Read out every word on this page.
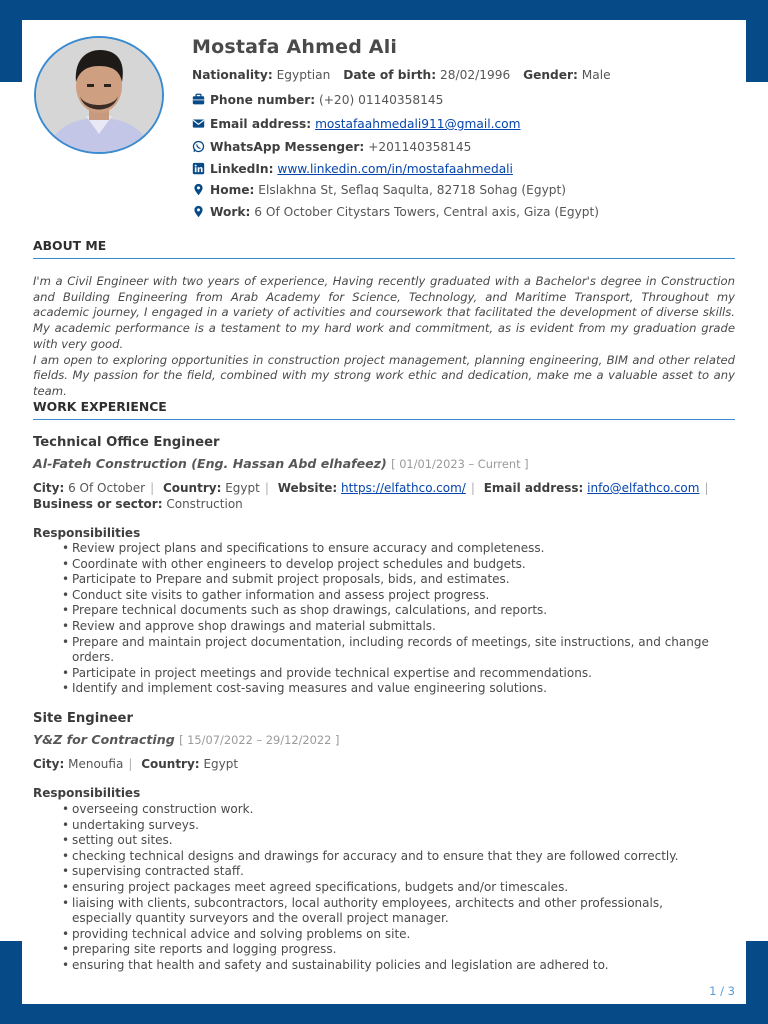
Mostafa Ahmed Ali
Nationality: Egyptian Date of birth: 28/02/1996 Gender: Male
Phone number: (+20) 01140358145
Email address: mostafaahmedali911@gmail.com
WhatsApp Messenger: +201140358145
LinkedIn: www.linkedin.com/in/mostafaahmedali
Home: Elslakhna St, Seflaq Saqulta, 82718 Sohag (Egypt)
Work: 6 Of October Citystars Towers, Central axis, Giza (Egypt)
ABOUT ME

I'm a Civil Engineer with two years of experience, Having recently graduated with a Bachelor's degree in Construction and Building Engineering from Arab Academy for Science, Technology, and Maritime Transport, Throughout my academic journey, I engaged in a variety of activities and coursework that facilitated the development of diverse skills. My academic performance is a testament to my hard work and commitment, as is evident from my graduation grade with very good.

I am open to exploring opportunities in construction project management, planning engineering, BIM and other related fields. My passion for the field, combined with my strong work ethic and dedication, make me a valuable asset to any team.

WORK EXPERIENCE
Technical Office Engineer
Al-Fateh Construction (Eng. Hassan Abd elhafeez) [ 01/01/2023 – Current ]
City: 6 Of October | Country: Egypt | Website: https://elfathco.com/ | Email address: info@elfathco.com | Business or sector: Construction
Responsibilities
• Review project plans and specifications to ensure accuracy and completeness.
• Coordinate with other engineers to develop project schedules and budgets.
• Participate to Prepare and submit project proposals, bids, and estimates.
• Conduct site visits to gather information and assess project progress.
• Prepare technical documents such as shop drawings, calculations, and reports.
• Review and approve shop drawings and material submittals.
• Prepare and maintain project documentation, including records of meetings, site instructions, and change orders.
• Participate in project meetings and provide technical expertise and recommendations.
• Identify and implement cost-saving measures and value engineering solutions.
Site Engineer
Y&Z for Contracting [ 15/07/2022 – 29/12/2022 ]
City: Menoufia | Country: Egypt
Responsibilities
• overseeing construction work.
• undertaking surveys.
• setting out sites.
• checking technical designs and drawings for accuracy and to ensure that they are followed correctly.
• supervising contracted staff.
• ensuring project packages meet agreed specifications, budgets and/or timescales.
• liaising with clients, subcontractors, local authority employees, architects and other professionals, especially quantity surveyors and the overall project manager.
• providing technical advice and solving problems on site.
• preparing site reports and logging progress.
• ensuring that health and safety and sustainability policies and legislation are adhered to.
1 / 3
